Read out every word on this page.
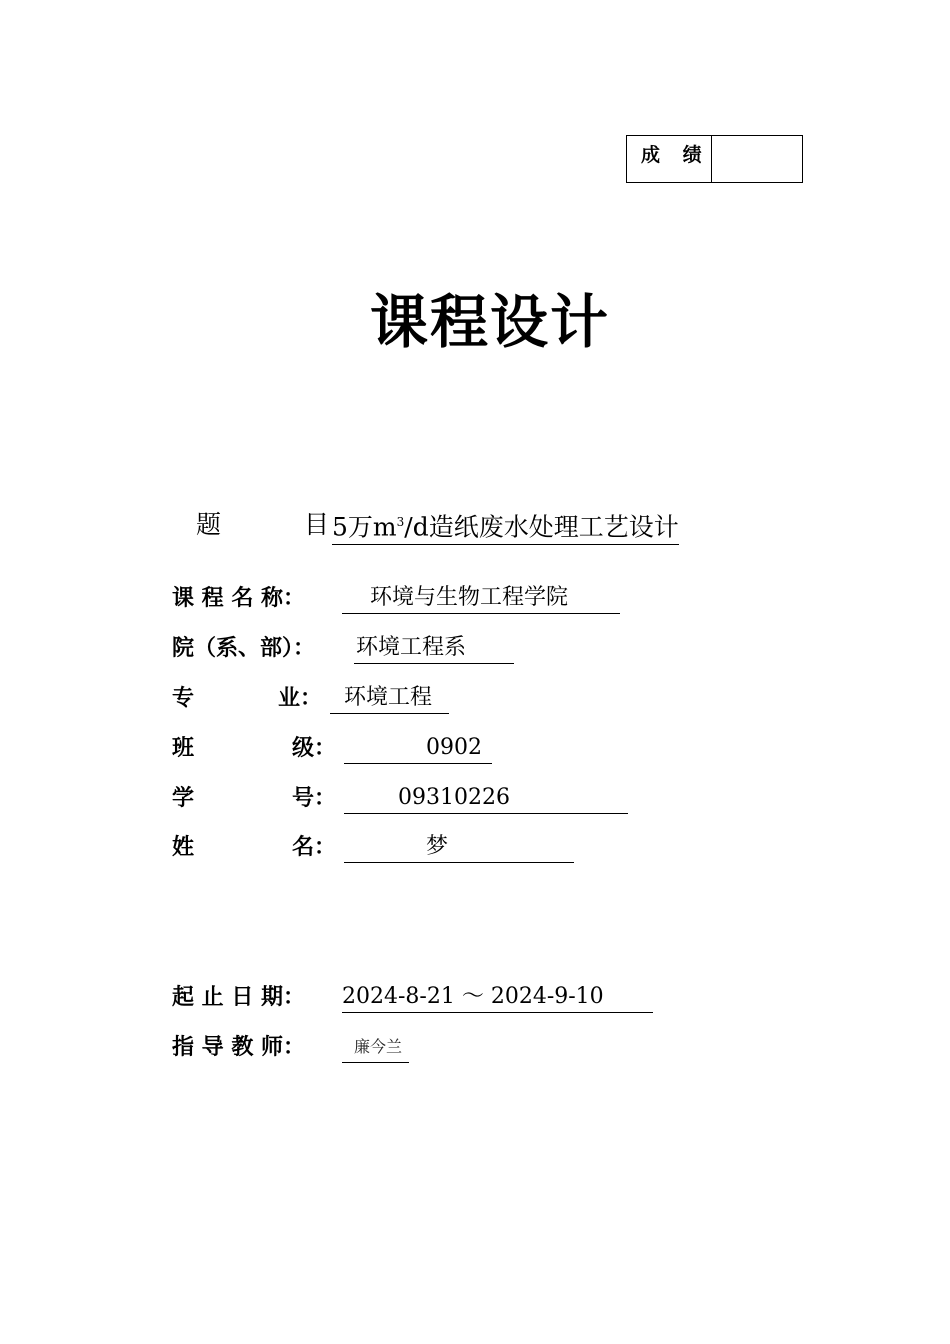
成 绩
课程设计
题	目 5万$m^3/d$造纸废水处理工艺设计
课 程 名 称：	环境与生物工程学院
院（系、部）： 环境工程系
专	业： 环境工程
班	级：	0902
学	号：	09310226
姓	名：	梦
起 止 日 期： 2024-8-21 ～ 2024-9-10
指 导 教 师：	廉今兰
